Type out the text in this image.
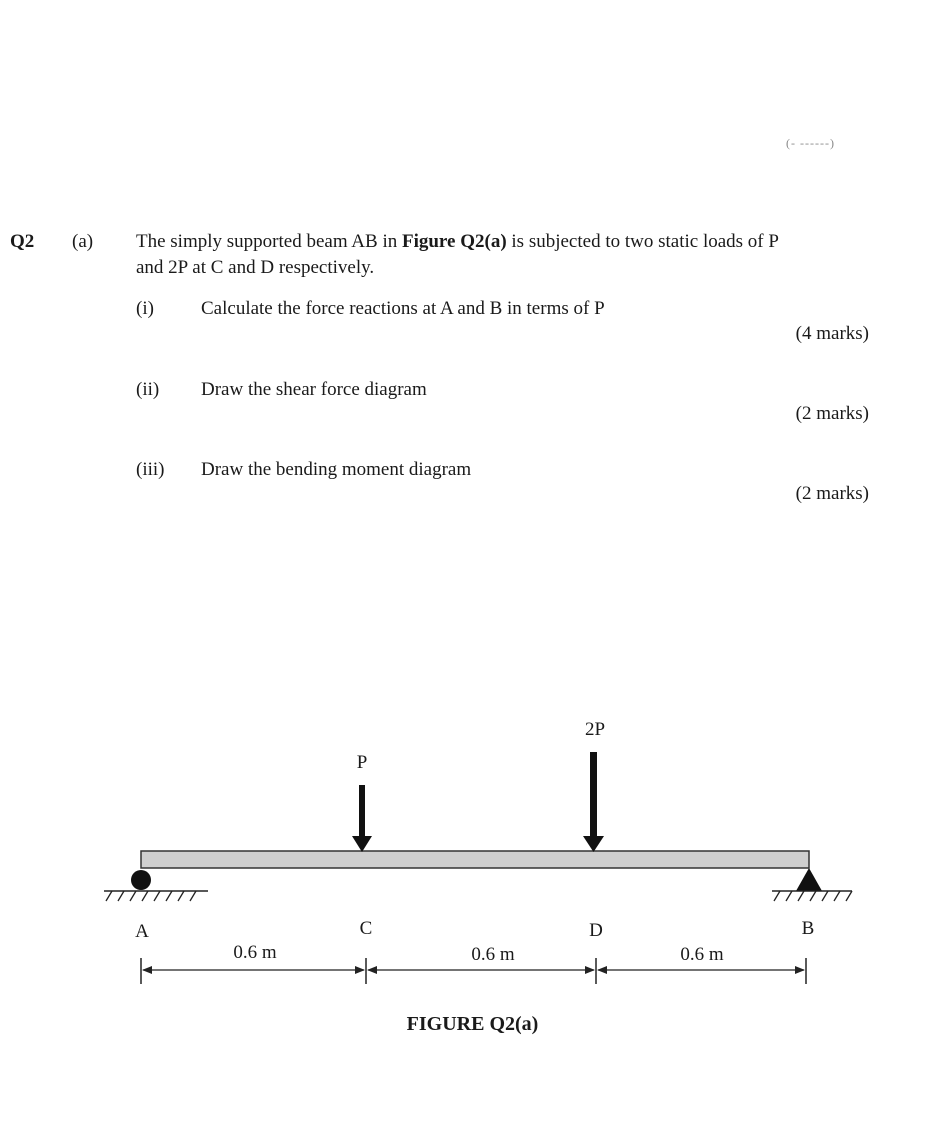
(- ------)
Q2 (a) The simply supported beam AB in Figure Q2(a) is subjected to two static loads of P
and 2P at C and D respectively.
(i) Calculate the force reactions at A and B in terms of P
(4 marks)
(ii) Draw the shear force diagram
(2 marks)
(iii) Draw the bending moment diagram
(2 marks)
P
2P
A	C	D	B
0.6 m	0.6 m	0.6 m
FIGURE Q2(a)
